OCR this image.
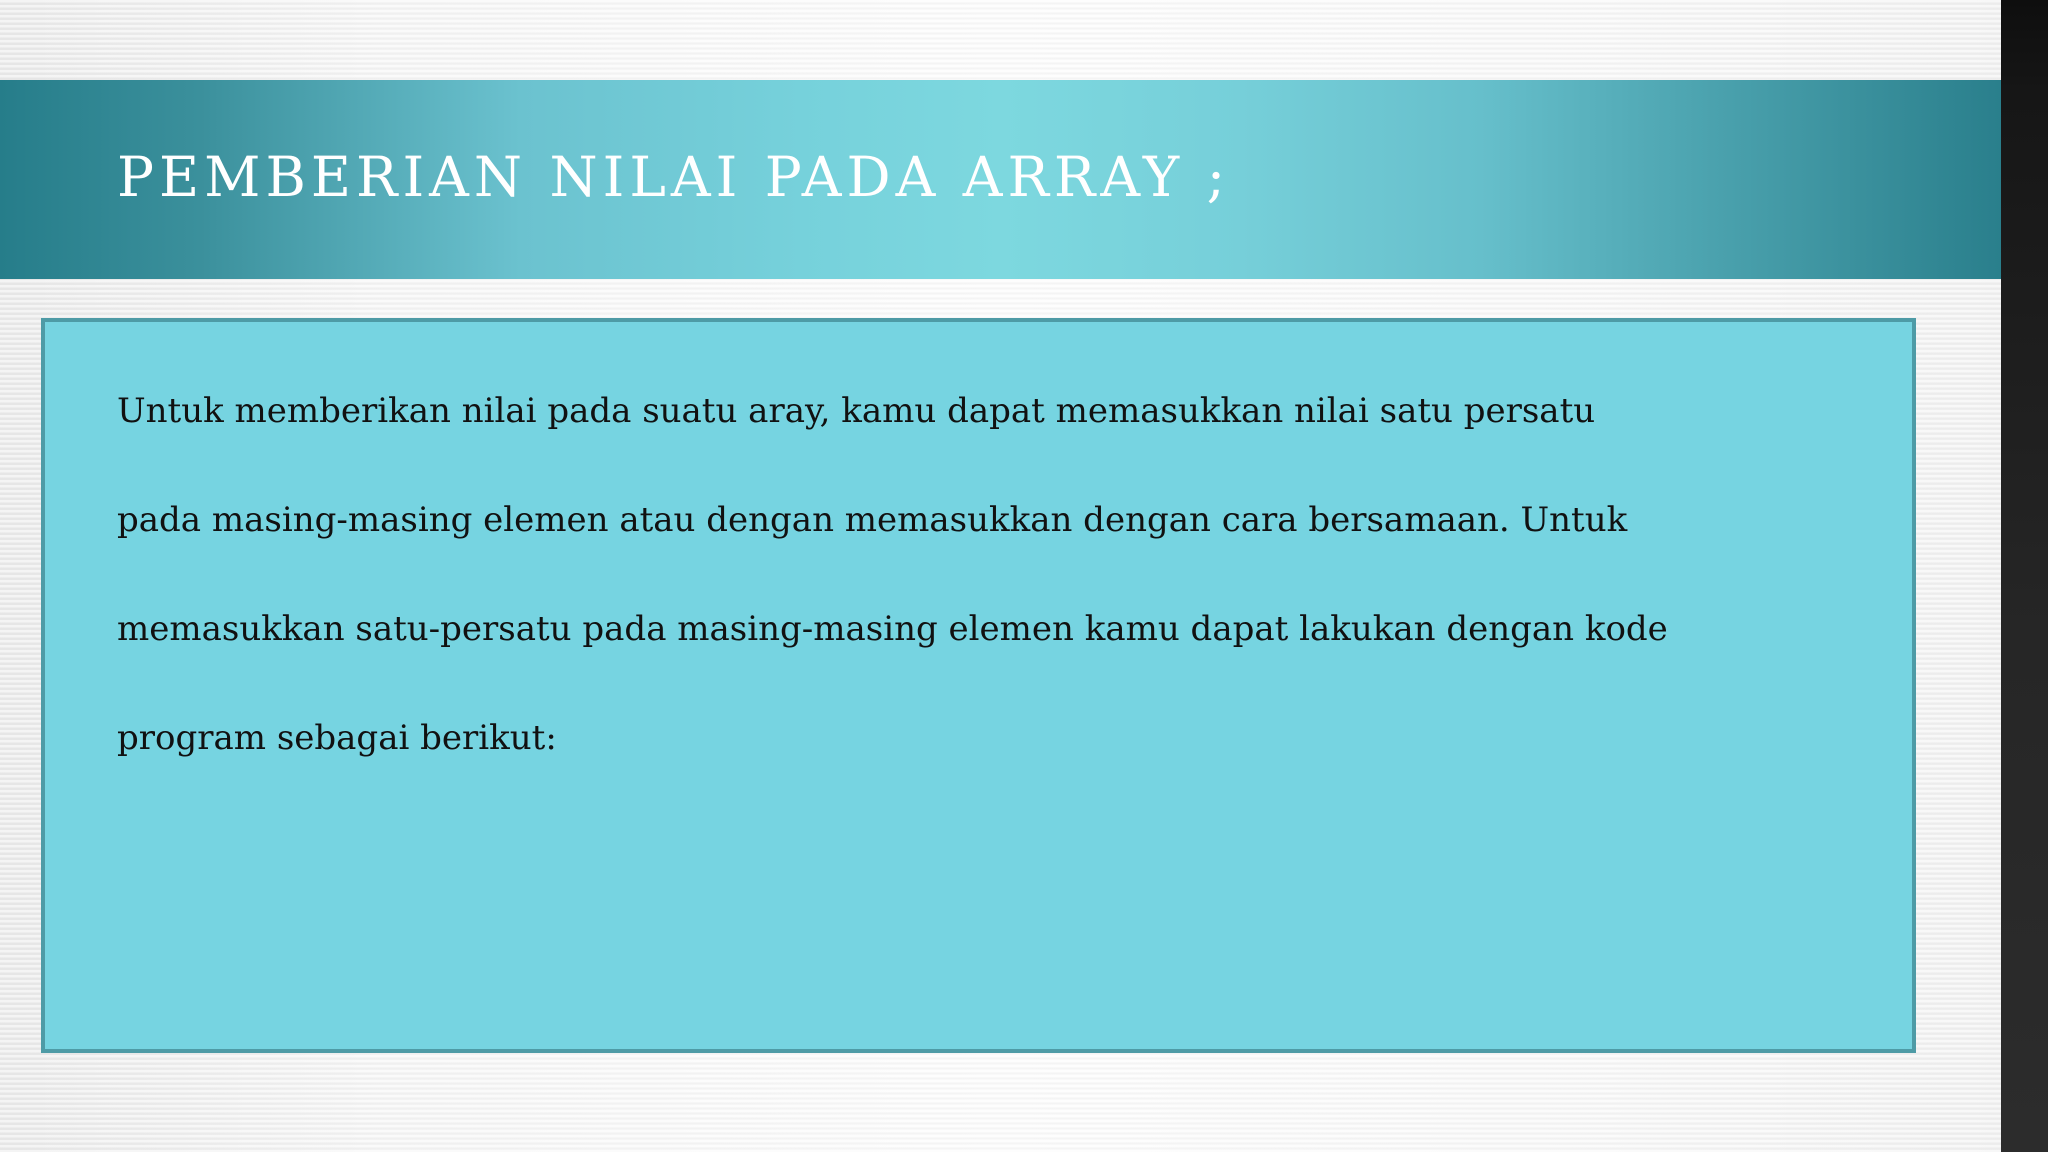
PEMBERIAN NILAI PADA ARRAY ;

Untuk memberikan nilai pada suatu aray, kamu dapat memasukkan nilai satu persatu

pada masing-masing elemen atau dengan memasukkan dengan cara bersamaan. Untuk

memasukkan satu-persatu pada masing-masing elemen kamu dapat lakukan dengan kode

program sebagai berikut:
